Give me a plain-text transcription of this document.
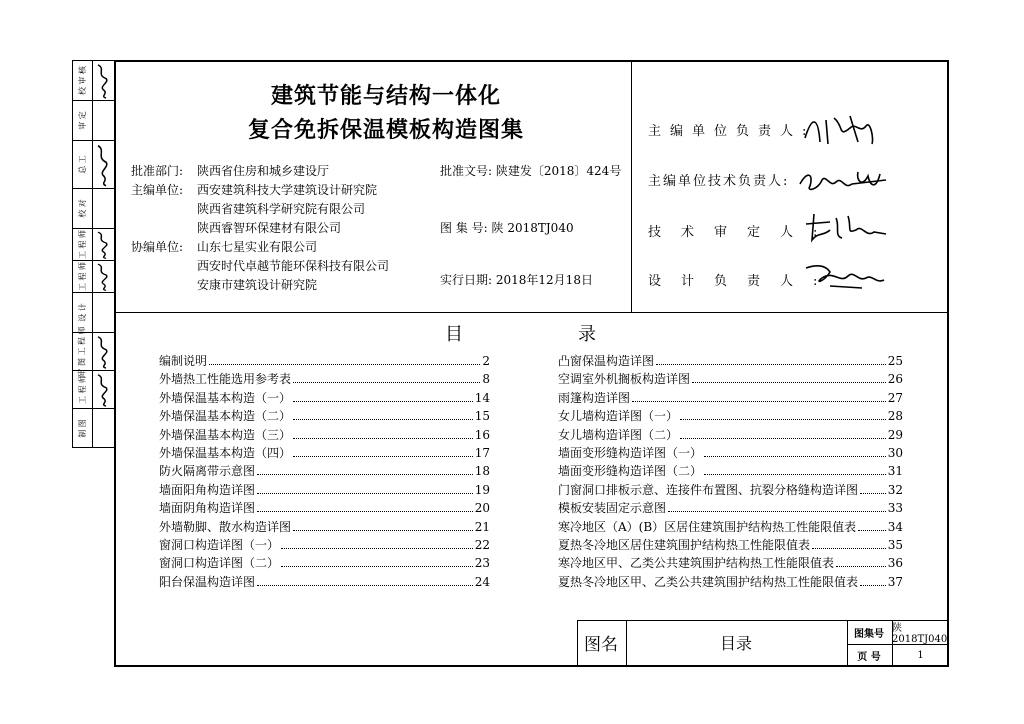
校 审 核
审 定
总 工
校 对
工 程 师
工 程 师
设 计
审 图 工 程 师
工 程 师
制 图
建筑节能与结构一体化
复合免拆保温模板构造图集
批准部门: 陕西省住房和城乡建设厅
主编单位: 西安建筑科技大学建筑设计研究院
陕西省建筑科学研究院有限公司
陕西睿智环保建材有限公司
协编单位: 山东七星实业有限公司
西安时代卓越节能环保科技有限公司
安康市建筑设计研究院
批准文号: 陕建发〔2018〕424号
图 集 号: 陕 2018TJ040
实行日期: 2018年12月18日
主编单位负责人:
主编单位技术负责人:
技术审定人:
设计负责人:
目	录
编制说明	2
外墙热工性能选用参考表	8
外墙保温基本构造（一）	14
外墙保温基本构造（二）	15
外墙保温基本构造（三）	16
外墙保温基本构造（四）	17
防火隔离带示意图	18
墙面阳角构造详图	19
墙面阴角构造详图	20
外墙勒脚、散水构造详图	21
窗洞口构造详图（一）	22
窗洞口构造详图（二）	23
阳台保温构造详图	24
凸窗保温构造详图	25
空调室外机搁板构造详图	26
雨篷构造详图	27
女儿墙构造详图（一）	28
女儿墙构造详图（二）	29
墙面变形缝构造详图（一）	30
墙面变形缝构造详图（二）	31
门窗洞口排板示意、连接件布置图、抗裂分格缝构造详图 32
模板安装固定示意图	33
寒冷地区（A）(B）区居住建筑围护结构热工性能限值表	34
夏热冬冷地区居住建筑围护结构热工性能限值表	35
寒冷地区甲、乙类公共建筑围护结构热工性能限值表	36
夏热冬冷地区甲、乙类公共建筑围护结构热工性能限值表 37
图名	目录	图集号 陕2018TJ040
页 号	1
